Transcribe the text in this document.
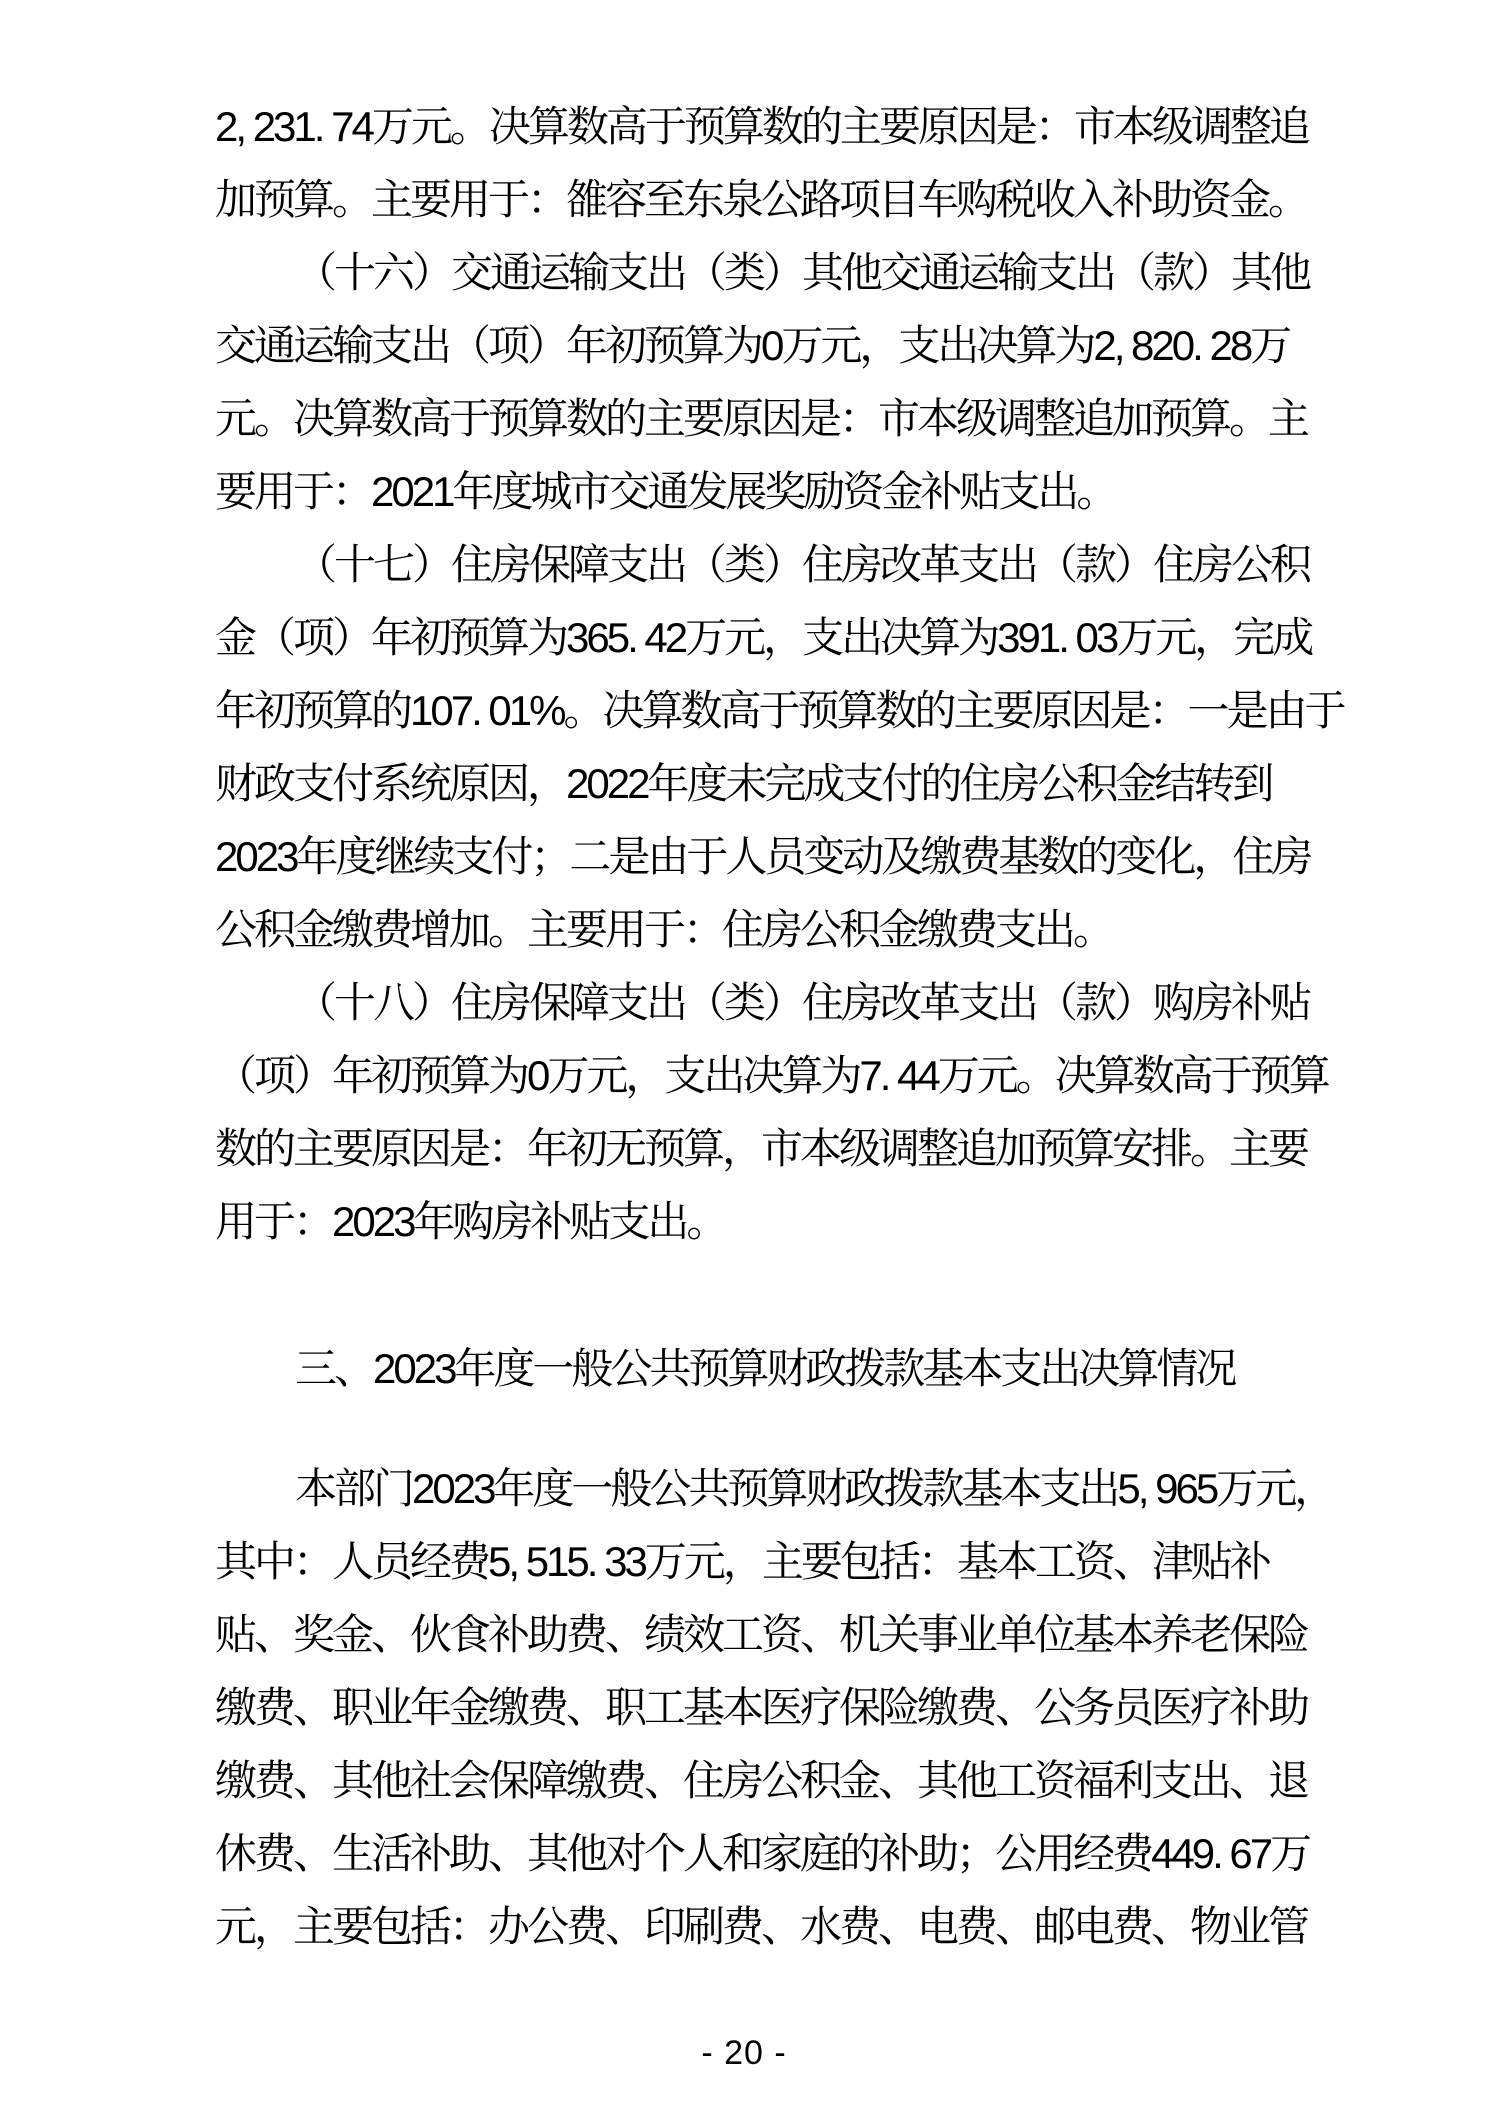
2, 231. 74万元。决算数高于预算数的主要原因是：市本级调整追
加预算。主要用于：雒容至东泉公路项目车购税收入补助资金。
（十六）交通运输支出（类）其他交通运输支出（款）其他
交通运输支出（项）年初预算为0万元，支出决算为2, 820. 28万
元。决算数高于预算数的主要原因是：市本级调整追加预算。主
要用于：2021年度城市交通发展奖励资金补贴支出。
（十七）住房保障支出（类）住房改革支出（款）住房公积
金（项）年初预算为365. 42万元，支出决算为391. 03万元，完成
年初预算的107. 01%。决算数高于预算数的主要原因是：一是由于
财政支付系统原因，2022年度未完成支付的住房公积金结转到
2023年度继续支付；二是由于人员变动及缴费基数的变化，住房
公积金缴费增加。主要用于：住房公积金缴费支出。
（十八）住房保障支出（类）住房改革支出（款）购房补贴
（项）年初预算为0万元，支出决算为7. 44万元。决算数高于预算
数的主要原因是：年初无预算，市本级调整追加预算安排。主要
用于：2023年购房补贴支出。
三、2023年度一般公共预算财政拨款基本支出决算情况
本部门2023年度一般公共预算财政拨款基本支出5, 965万元，
其中：人员经费5, 515. 33万元，主要包括：基本工资、津贴补
贴、奖金、伙食补助费、绩效工资、机关事业单位基本养老保险
缴费、职业年金缴费、职工基本医疗保险缴费、公务员医疗补助
缴费、其他社会保障缴费、住房公积金、其他工资福利支出、退
休费、生活补助、其他对个人和家庭的补助；公用经费449. 67万
元，主要包括：办公费、印刷费、水费、电费、邮电费、物业管
- 20 -
